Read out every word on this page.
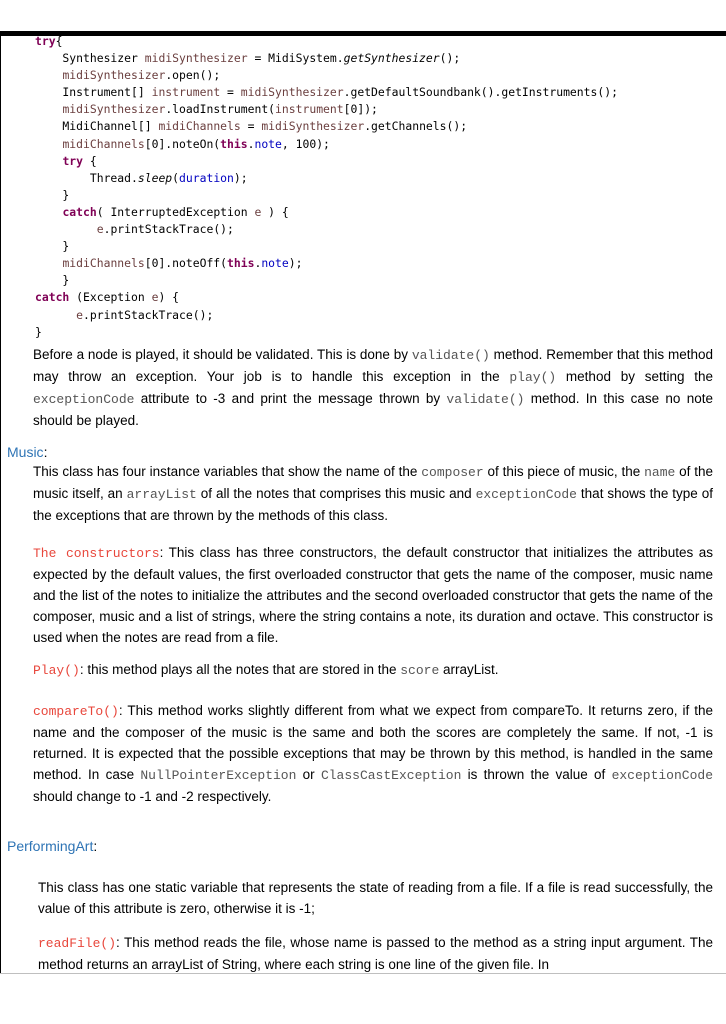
try{
Synthesizer midiSynthesizer = MidiSystem.getSynthesizer();
midiSynthesizer.open();
Instrument[] instrument = midiSynthesizer.getDefaultSoundbank().getInstruments();
midiSynthesizer.loadInstrument(instrument[0]);
MidiChannel[] midiChannels = midiSynthesizer.getChannels();
midiChannels[0].noteOn(this.note, 100);
try {
Thread.sleep(duration);
}
catch( InterruptedException e ) {
e.printStackTrace();
}
midiChannels[0].noteOff(this.note);
}
catch (Exception e) {
e.printStackTrace();
}

Before a node is played, it should be validated. This is done by validate() method. Remember that this method may throw an exception. Your job is to handle this exception in the play() method by setting the exceptionCode attribute to -3 and print the message thrown by validate() method. In this case no note should be played.

Music:

This class has four instance variables that show the name of the composer of this piece of music, the name of the music itself, an arrayList of all the notes that comprises this music and exceptionCode that shows the type of the exceptions that are thrown by the methods of this class.

The constructors: This class has three constructors, the default constructor that initializes the attributes as expected by the default values, the first overloaded constructor that gets the name of the composer, music name and the list of the notes to initialize the attributes and the second overloaded constructor that gets the name of the composer, music and a list of strings, where the string contains a note, its duration and octave. This constructor is used when the notes are read from a file.

Play(): this method plays all the notes that are stored in the score arrayList.

compareTo(): This method works slightly different from what we expect from compareTo. It returns zero, if the name and the composer of the music is the same and both the scores are completely the same. If not, -1 is returned. It is expected that the possible exceptions that may be thrown by this method, is handled in the same method. In case NullPointerException or ClassCastException is thrown the value of exceptionCode should change to -1 and -2 respectively.

PerformingArt:

This class has one static variable that represents the state of reading from a file. If a file is read successfully, the value of this attribute is zero, otherwise it is -1;

readFile(): This method reads the file, whose name is passed to the method as a string input argument. The method returns an arrayList of String, where each string is one line of the given file. In
